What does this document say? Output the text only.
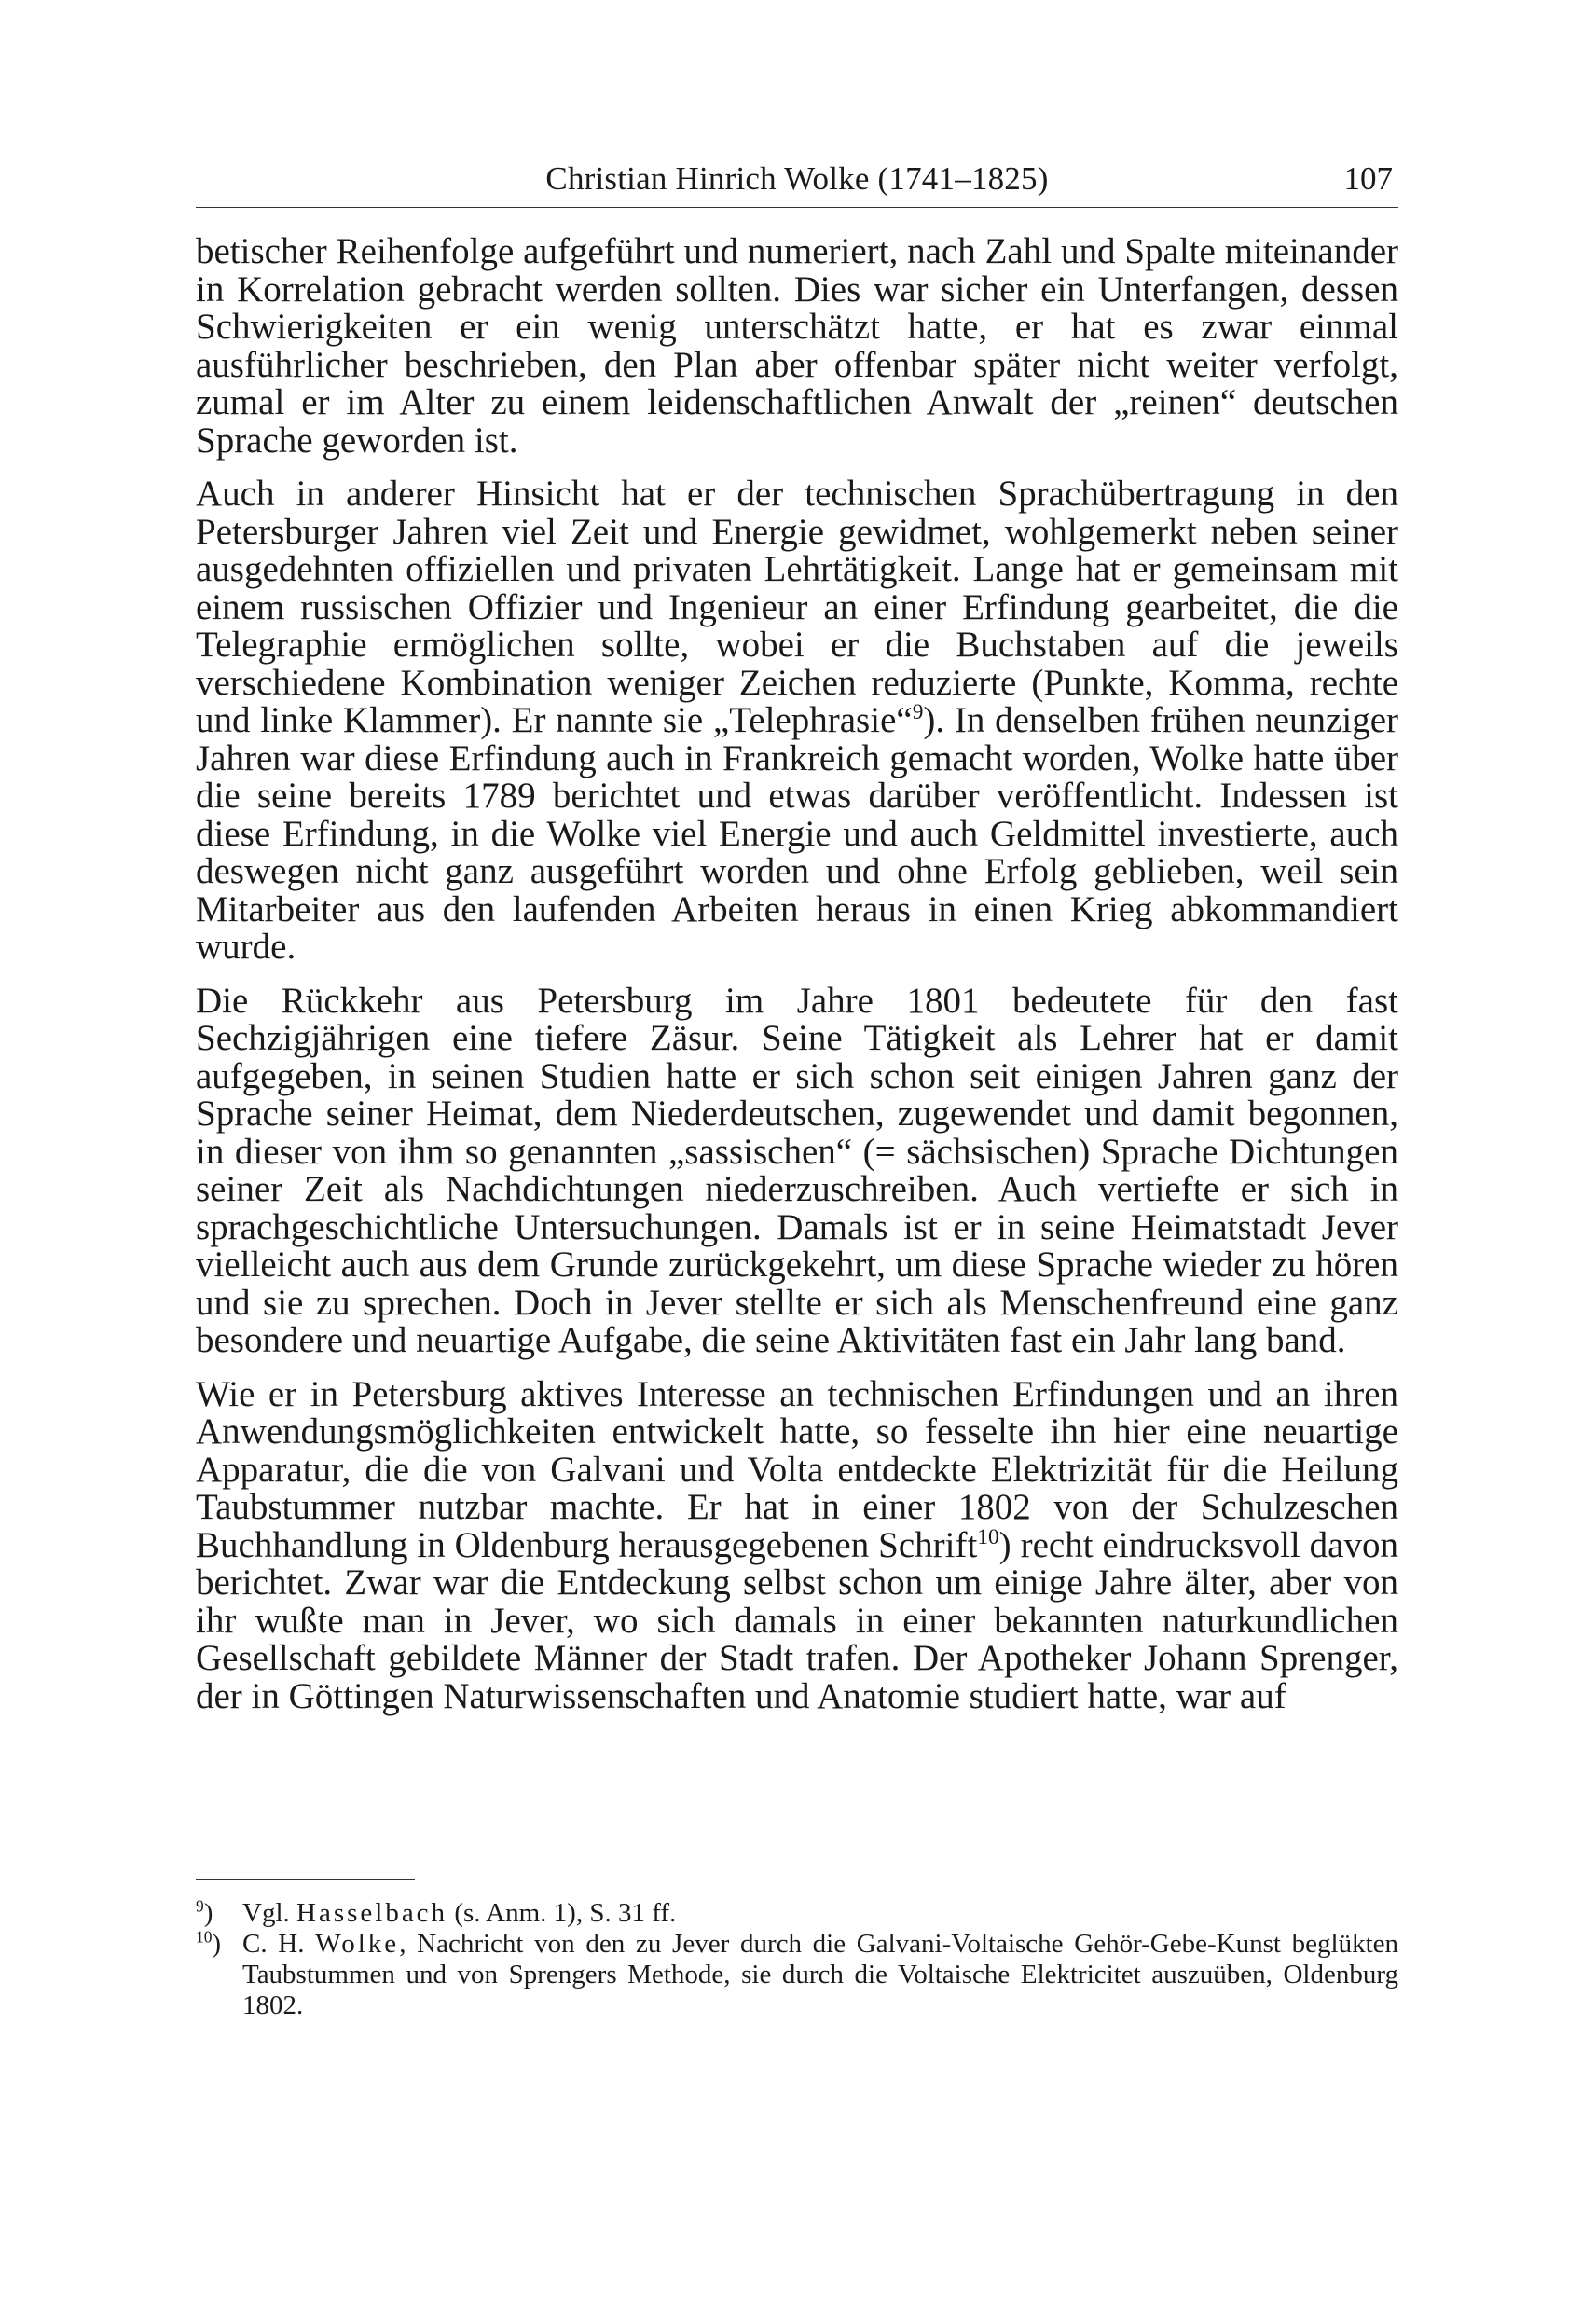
Christian Hinrich Wolke (1741–1825)	107

betischer Reihenfolge aufgeführt und numeriert, nach Zahl und Spalte miteinander in Korrelation gebracht werden sollten. Dies war sicher ein Unterfangen, dessen Schwierigkeiten er ein wenig unterschätzt hatte, er hat es zwar einmal ausführlicher beschrieben, den Plan aber offenbar später nicht weiter verfolgt, zumal er im Alter zu einem leidenschaftlichen Anwalt der „reinen“ deutschen Sprache geworden ist.

Auch in anderer Hinsicht hat er der technischen Sprachübertragung in den Petersburger Jahren viel Zeit und Energie gewidmet, wohlgemerkt neben seiner ausgedehnten offiziellen und privaten Lehrtätigkeit. Lange hat er gemeinsam mit einem russischen Offizier und Ingenieur an einer Erfindung gearbeitet, die die Telegraphie ermöglichen sollte, wobei er die Buchstaben auf die jeweils verschiedene Kombination weniger Zeichen reduzierte (Punkte, Komma, rechte und linke Klammer). Er nannte sie „Telephrasie“$^9$). In denselben frühen neunziger Jahren war diese Erfindung auch in Frankreich gemacht worden, Wolke hatte über die seine bereits 1789 berichtet und etwas darüber veröffentlicht. Indessen ist diese Erfindung, in die Wolke viel Energie und auch Geldmittel investierte, auch deswegen nicht ganz ausgeführt worden und ohne Erfolg geblieben, weil sein Mitarbeiter aus den laufenden Arbeiten heraus in einen Krieg abkommandiert wurde.

Die Rückkehr aus Petersburg im Jahre 1801 bedeutete für den fast Sechzigjährigen eine tiefere Zäsur. Seine Tätigkeit als Lehrer hat er damit aufgegeben, in seinen Studien hatte er sich schon seit einigen Jahren ganz der Sprache seiner Heimat, dem Niederdeutschen, zugewendet und damit begonnen, in dieser von ihm so genannten „sassischen“ (= sächsischen) Sprache Dichtungen seiner Zeit als Nachdichtungen niederzuschreiben. Auch vertiefte er sich in sprachgeschichtliche Untersuchungen. Damals ist er in seine Heimatstadt Jever vielleicht auch aus dem Grunde zurückgekehrt, um diese Sprache wieder zu hören und sie zu sprechen. Doch in Jever stellte er sich als Menschenfreund eine ganz besondere und neuartige Aufgabe, die seine Aktivitäten fast ein Jahr lang band.

Wie er in Petersburg aktives Interesse an technischen Erfindungen und an ihren Anwendungsmöglichkeiten entwickelt hatte, so fesselte ihn hier eine neuartige Apparatur, die die von Galvani und Volta entdeckte Elektrizität für die Heilung Taubstummer nutzbar machte. Er hat in einer 1802 von der Schulzeschen Buchhandlung in Oldenburg herausgegebenen Schrift$^{10}$) recht eindrucksvoll davon berichtet. Zwar war die Entdeckung selbst schon um einige Jahre älter, aber von ihr wußte man in Jever, wo sich damals in einer bekannten naturkundlichen Gesellschaft gebildete Männer der Stadt trafen. Der Apotheker Johann Sprenger, der in Göttingen Naturwissenschaften und Anatomie studiert hatte, war auf

$^9$) Vgl. Hasselbach (s. Anm. 1), S. 31 ff.
$^{10}$) C. H. Wolke, Nachricht von den zu Jever durch die Galvani-Voltaische Gehör-Gebe-Kunst beglükten Taubstummen und von Sprengers Methode, sie durch die Voltaische Elektricitet auszuüben, Oldenburg 1802.
